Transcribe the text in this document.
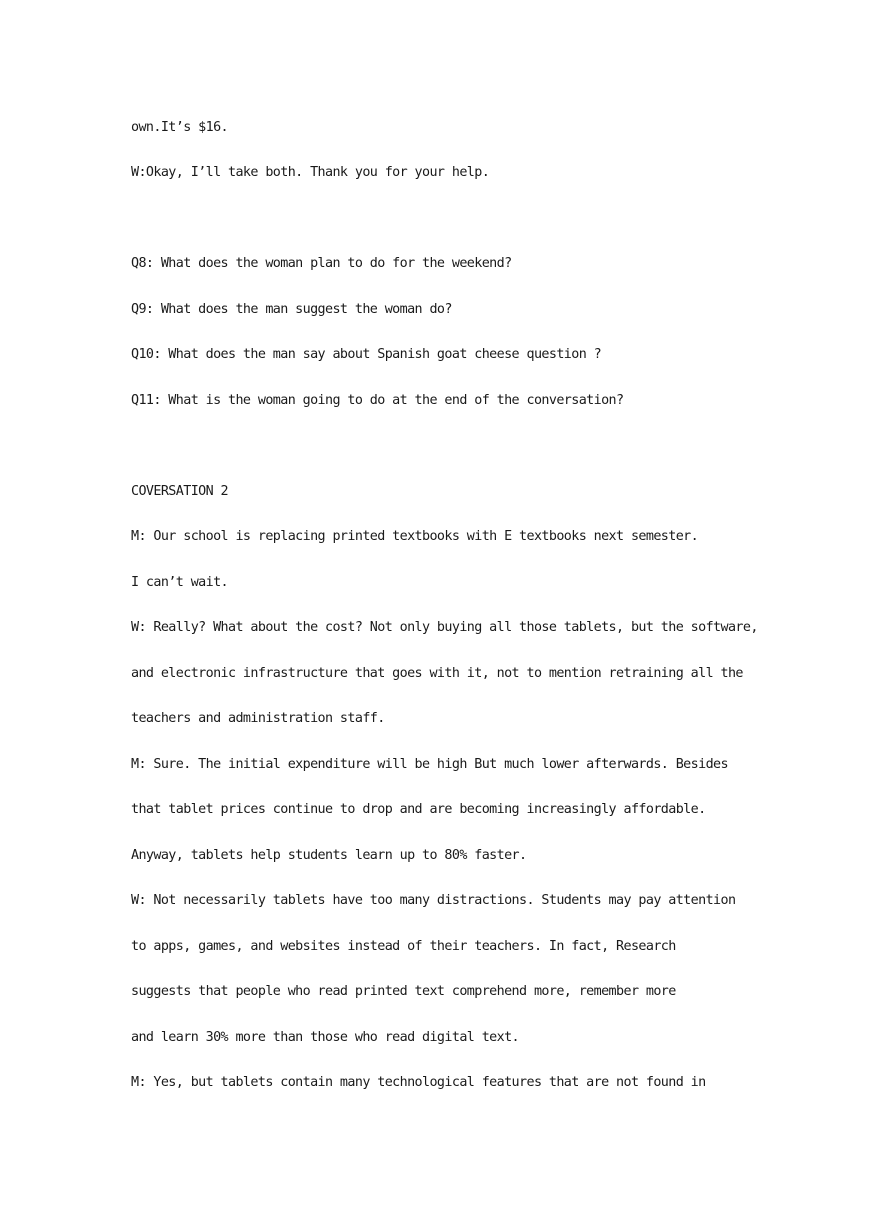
own.It’s $16.
W:Okay, I’ll take both. Thank you for your help.
Q8: What does the woman plan to do for the weekend?
Q9: What does the man suggest the woman do?
Q10: What does the man say about Spanish goat cheese question ?
Q11: What is the woman going to do at the end of the conversation?
COVERSATION 2
M: Our school is replacing printed textbooks with E textbooks next semester.
I can’t wait.
W: Really? What about the cost? Not only buying all those tablets, but the software,
and electronic infrastructure that goes with it, not to mention retraining all the
teachers and administration staff.
M: Sure. The initial expenditure will be high But much lower afterwards. Besides
that tablet prices continue to drop and are becoming increasingly affordable.
Anyway, tablets help students learn up to 80% faster.
W: Not necessarily tablets have too many distractions. Students may pay attention
to apps, games, and websites instead of their teachers. In fact, Research
suggests that people who read printed text comprehend more, remember more
and learn 30% more than those who read digital text.
M: Yes, but tablets contain many technological features that are not found in
